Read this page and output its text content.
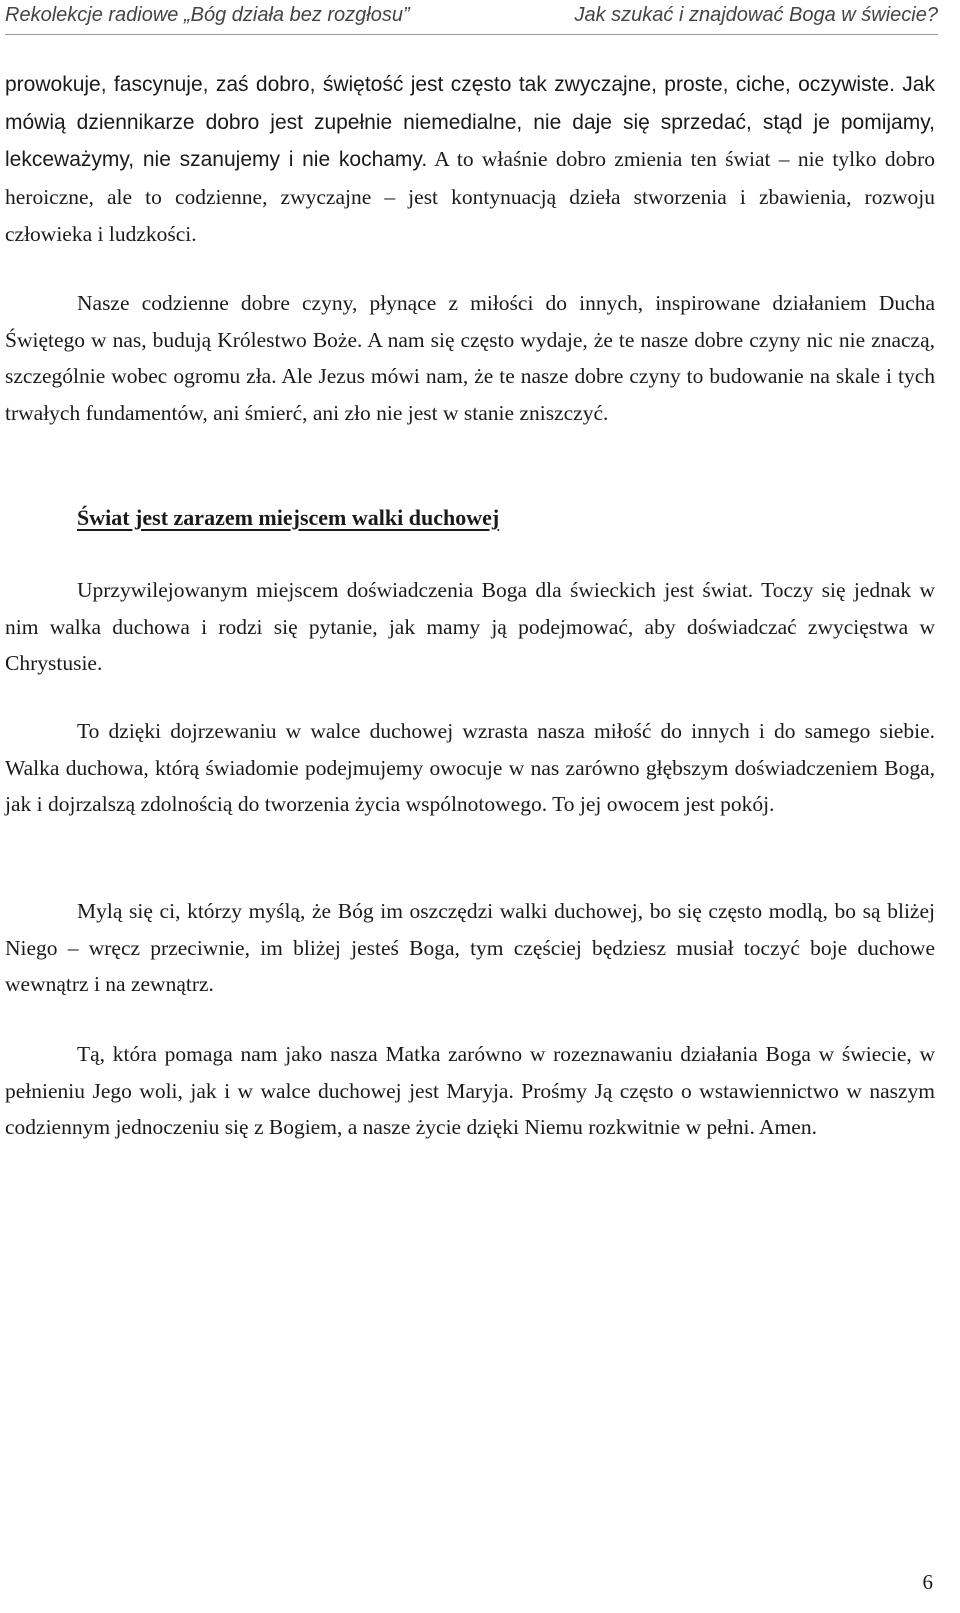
Rekolekcje radiowe „Bóg działa bez rozgłosu”	Jak szukać i znajdować Boga w świecie?

prowokuje, fascynuje, zaś dobro, świętość jest często tak zwyczajne, proste, ciche, oczywiste. Jak mówią dziennikarze dobro jest zupełnie niemedialne, nie daje się sprzedać, stąd je pomijamy, lekceważymy, nie szanujemy i nie kochamy. A to właśnie dobro zmienia ten świat – nie tylko dobro heroiczne, ale to codzienne, zwyczajne – jest kontynuacją dzieła stworzenia i zbawienia, rozwoju człowieka i ludzkości.

Nasze codzienne dobre czyny, płynące z miłości do innych, inspirowane działaniem Ducha Świętego w nas, budują Królestwo Boże. A nam się często wydaje, że te nasze dobre czyny nic nie znaczą, szczególnie wobec ogromu zła. Ale Jezus mówi nam, że te nasze dobre czyny to budowanie na skale i tych trwałych fundamentów, ani śmierć, ani zło nie jest w stanie zniszczyć.

Świat jest zarazem miejscem walki duchowej

Uprzywilejowanym miejscem doświadczenia Boga dla świeckich jest świat. Toczy się jednak w nim walka duchowa i rodzi się pytanie, jak mamy ją podejmować, aby doświadczać zwycięstwa w Chrystusie.

To dzięki dojrzewaniu w walce duchowej wzrasta nasza miłość do innych i do samego siebie. Walka duchowa, którą świadomie podejmujemy owocuje w nas zarówno głębszym doświadczeniem Boga, jak i dojrzalszą zdolnością do tworzenia życia wspólnotowego. To jej owocem jest pokój.

Mylą się ci, którzy myślą, że Bóg im oszczędzi walki duchowej, bo się często modlą, bo są bliżej Niego – wręcz przeciwnie, im bliżej jesteś Boga, tym częściej będziesz musiał toczyć boje duchowe wewnątrz i na zewnątrz.

Tą, która pomaga nam jako nasza Matka zarówno w rozeznawaniu działania Boga w świecie, w pełnieniu Jego woli, jak i w walce duchowej jest Maryja. Prośmy Ją często o wstawiennictwo w naszym codziennym jednoczeniu się z Bogiem, a nasze życie dzięki Niemu rozkwitnie w pełni. Amen.

6
